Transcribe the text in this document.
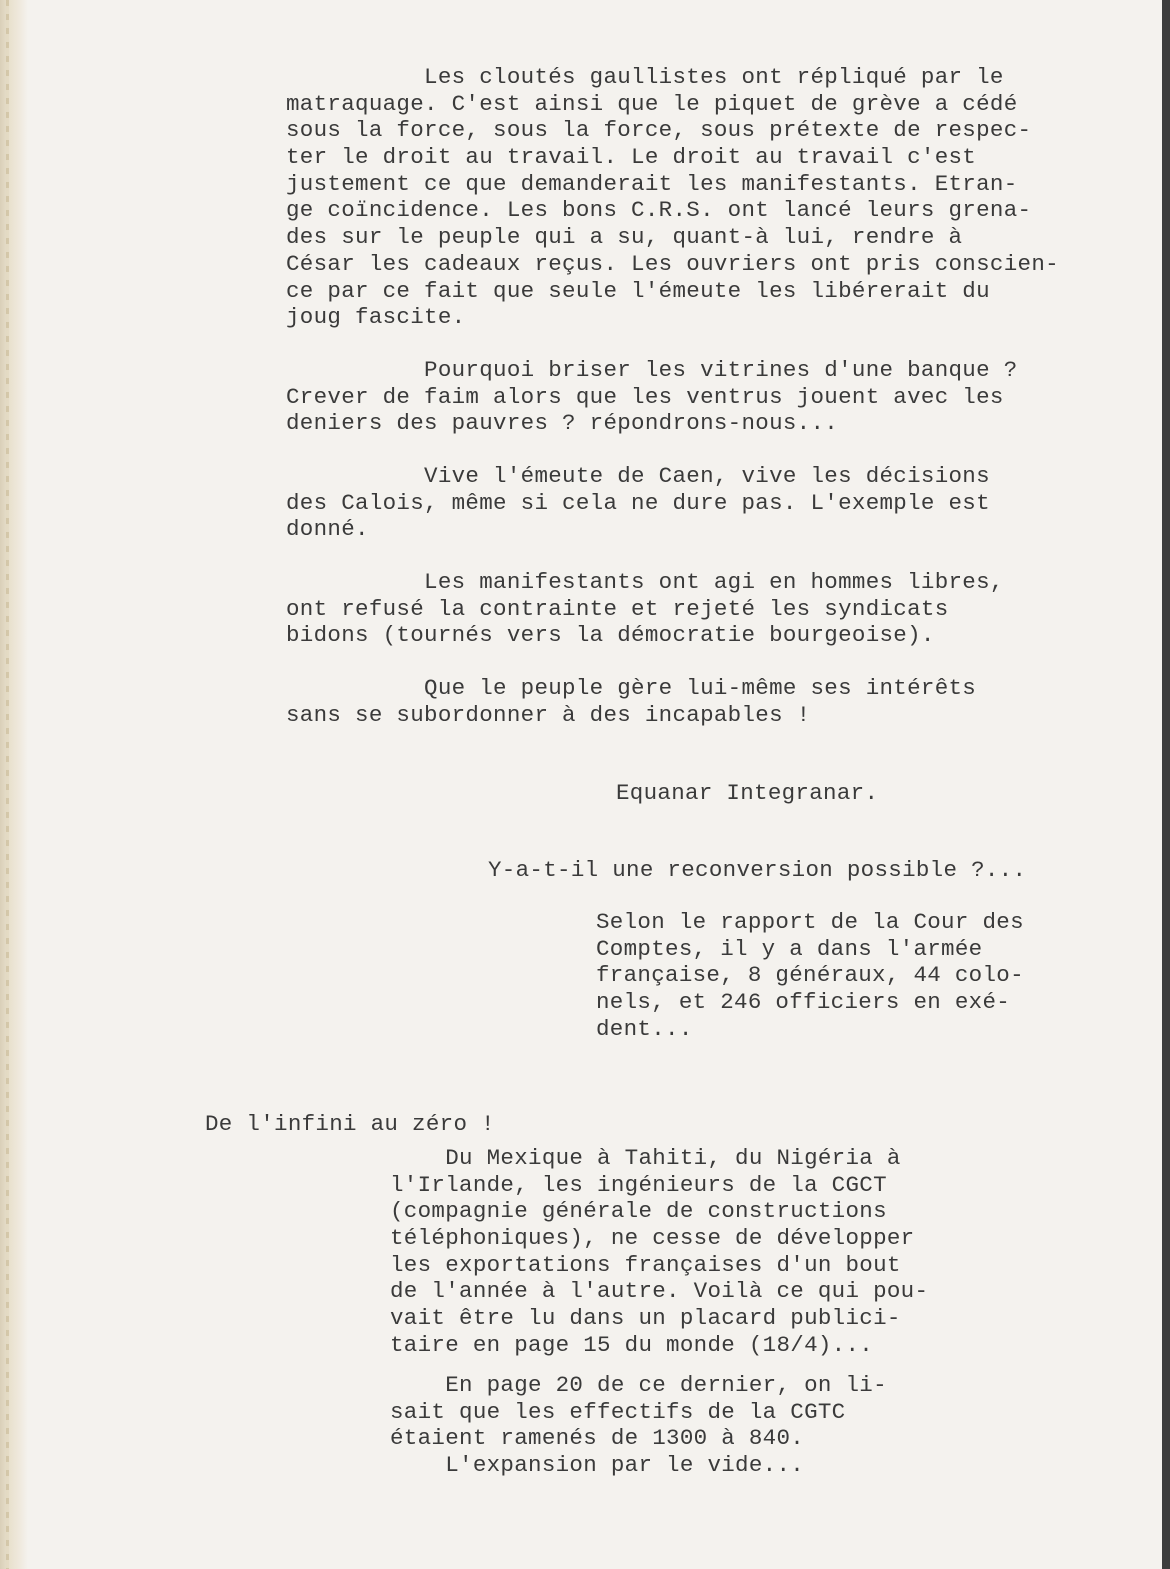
Les cloutés gaullistes ont répliqué par le
matraquage. C'est ainsi que le piquet de grève a cédé
sous la force, sous la force, sous prétexte de respec-
ter le droit au travail. Le droit au travail c'est
justement ce que demanderait les manifestants. Etran-
ge coïncidence. Les bons C.R.S. ont lancé leurs grena-
des sur le peuple qui a su, quant-à lui, rendre à
César les cadeaux reçus. Les ouvriers ont pris conscien-
ce par ce fait que seule l'émeute les libérerait du
joug fascite.
Pourquoi briser les vitrines d'une banque ?
Crever de faim alors que les ventrus jouent avec les
deniers des pauvres ? répondrons-nous...
Vive l'émeute de Caen, vive les décisions
des Calois, même si cela ne dure pas. L'exemple est
donné.
Les manifestants ont agi en hommes libres,
ont refusé la contrainte et rejeté les syndicats
bidons (tournés vers la démocratie bourgeoise).
Que le peuple gère lui-même ses intérêts
sans se subordonner à des incapables !
Equanar Integranar.
Y-a-t-il une reconversion possible ?...
Selon le rapport de la Cour des
Comptes, il y a dans l'armée
française, 8 généraux, 44 colo-
nels, et 246 officiers en exé-
dent...
De l'infini au zéro !
Du Mexique à Tahiti, du Nigéria à
l'Irlande, les ingénieurs de la CGCT
(compagnie générale de constructions
téléphoniques), ne cesse de développer
les exportations françaises d'un bout
de l'année à l'autre. Voilà ce qui pou-
vait être lu dans un placard publici-
taire en page 15 du monde (18/4)...
En page 20 de ce dernier, on li-
sait que les effectifs de la CGTC
étaient ramenés de 1300 à 840.
L'expansion par le vide...
